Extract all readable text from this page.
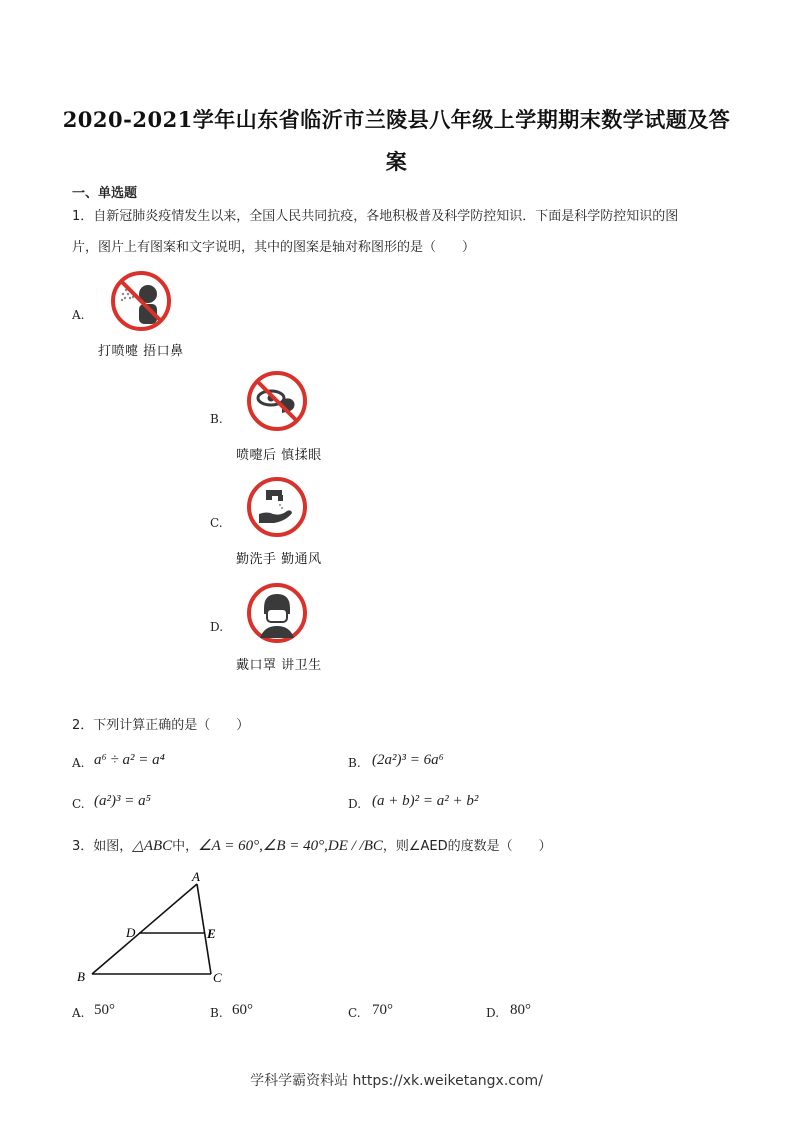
2020-2021学年山东省临沂市兰陵县八年级上学期期末数学试题及答
案
一、单选题
1．自新冠肺炎疫情发生以来，全国人民共同抗疫，各地积极普及科学防控知识．下面是科学防控知识的图
片，图片上有图案和文字说明，其中的图案是轴对称图形的是（　　）
A.
打喷嚏 捂口鼻
B.
喷嚏后 慎揉眼
C.
勤洗手 勤通风
D.
戴口罩 讲卫生
2．下列计算正确的是（　　）
A. a⁶ ÷ a² = a⁴	B. (2a²)³ = 6a⁶
C. (a²)³ = a⁵	D. (a + b)² = a² + b²
3．如图，△ABC中，∠A = 60°,∠B = 40°,DE / /BC，则∠AED的度数是（　　）
A
B	C
D	E
A. 50°	B. 60°	C. 70°	D. 80°
学科学霸资料站 https://xk.weiketangx.com/
